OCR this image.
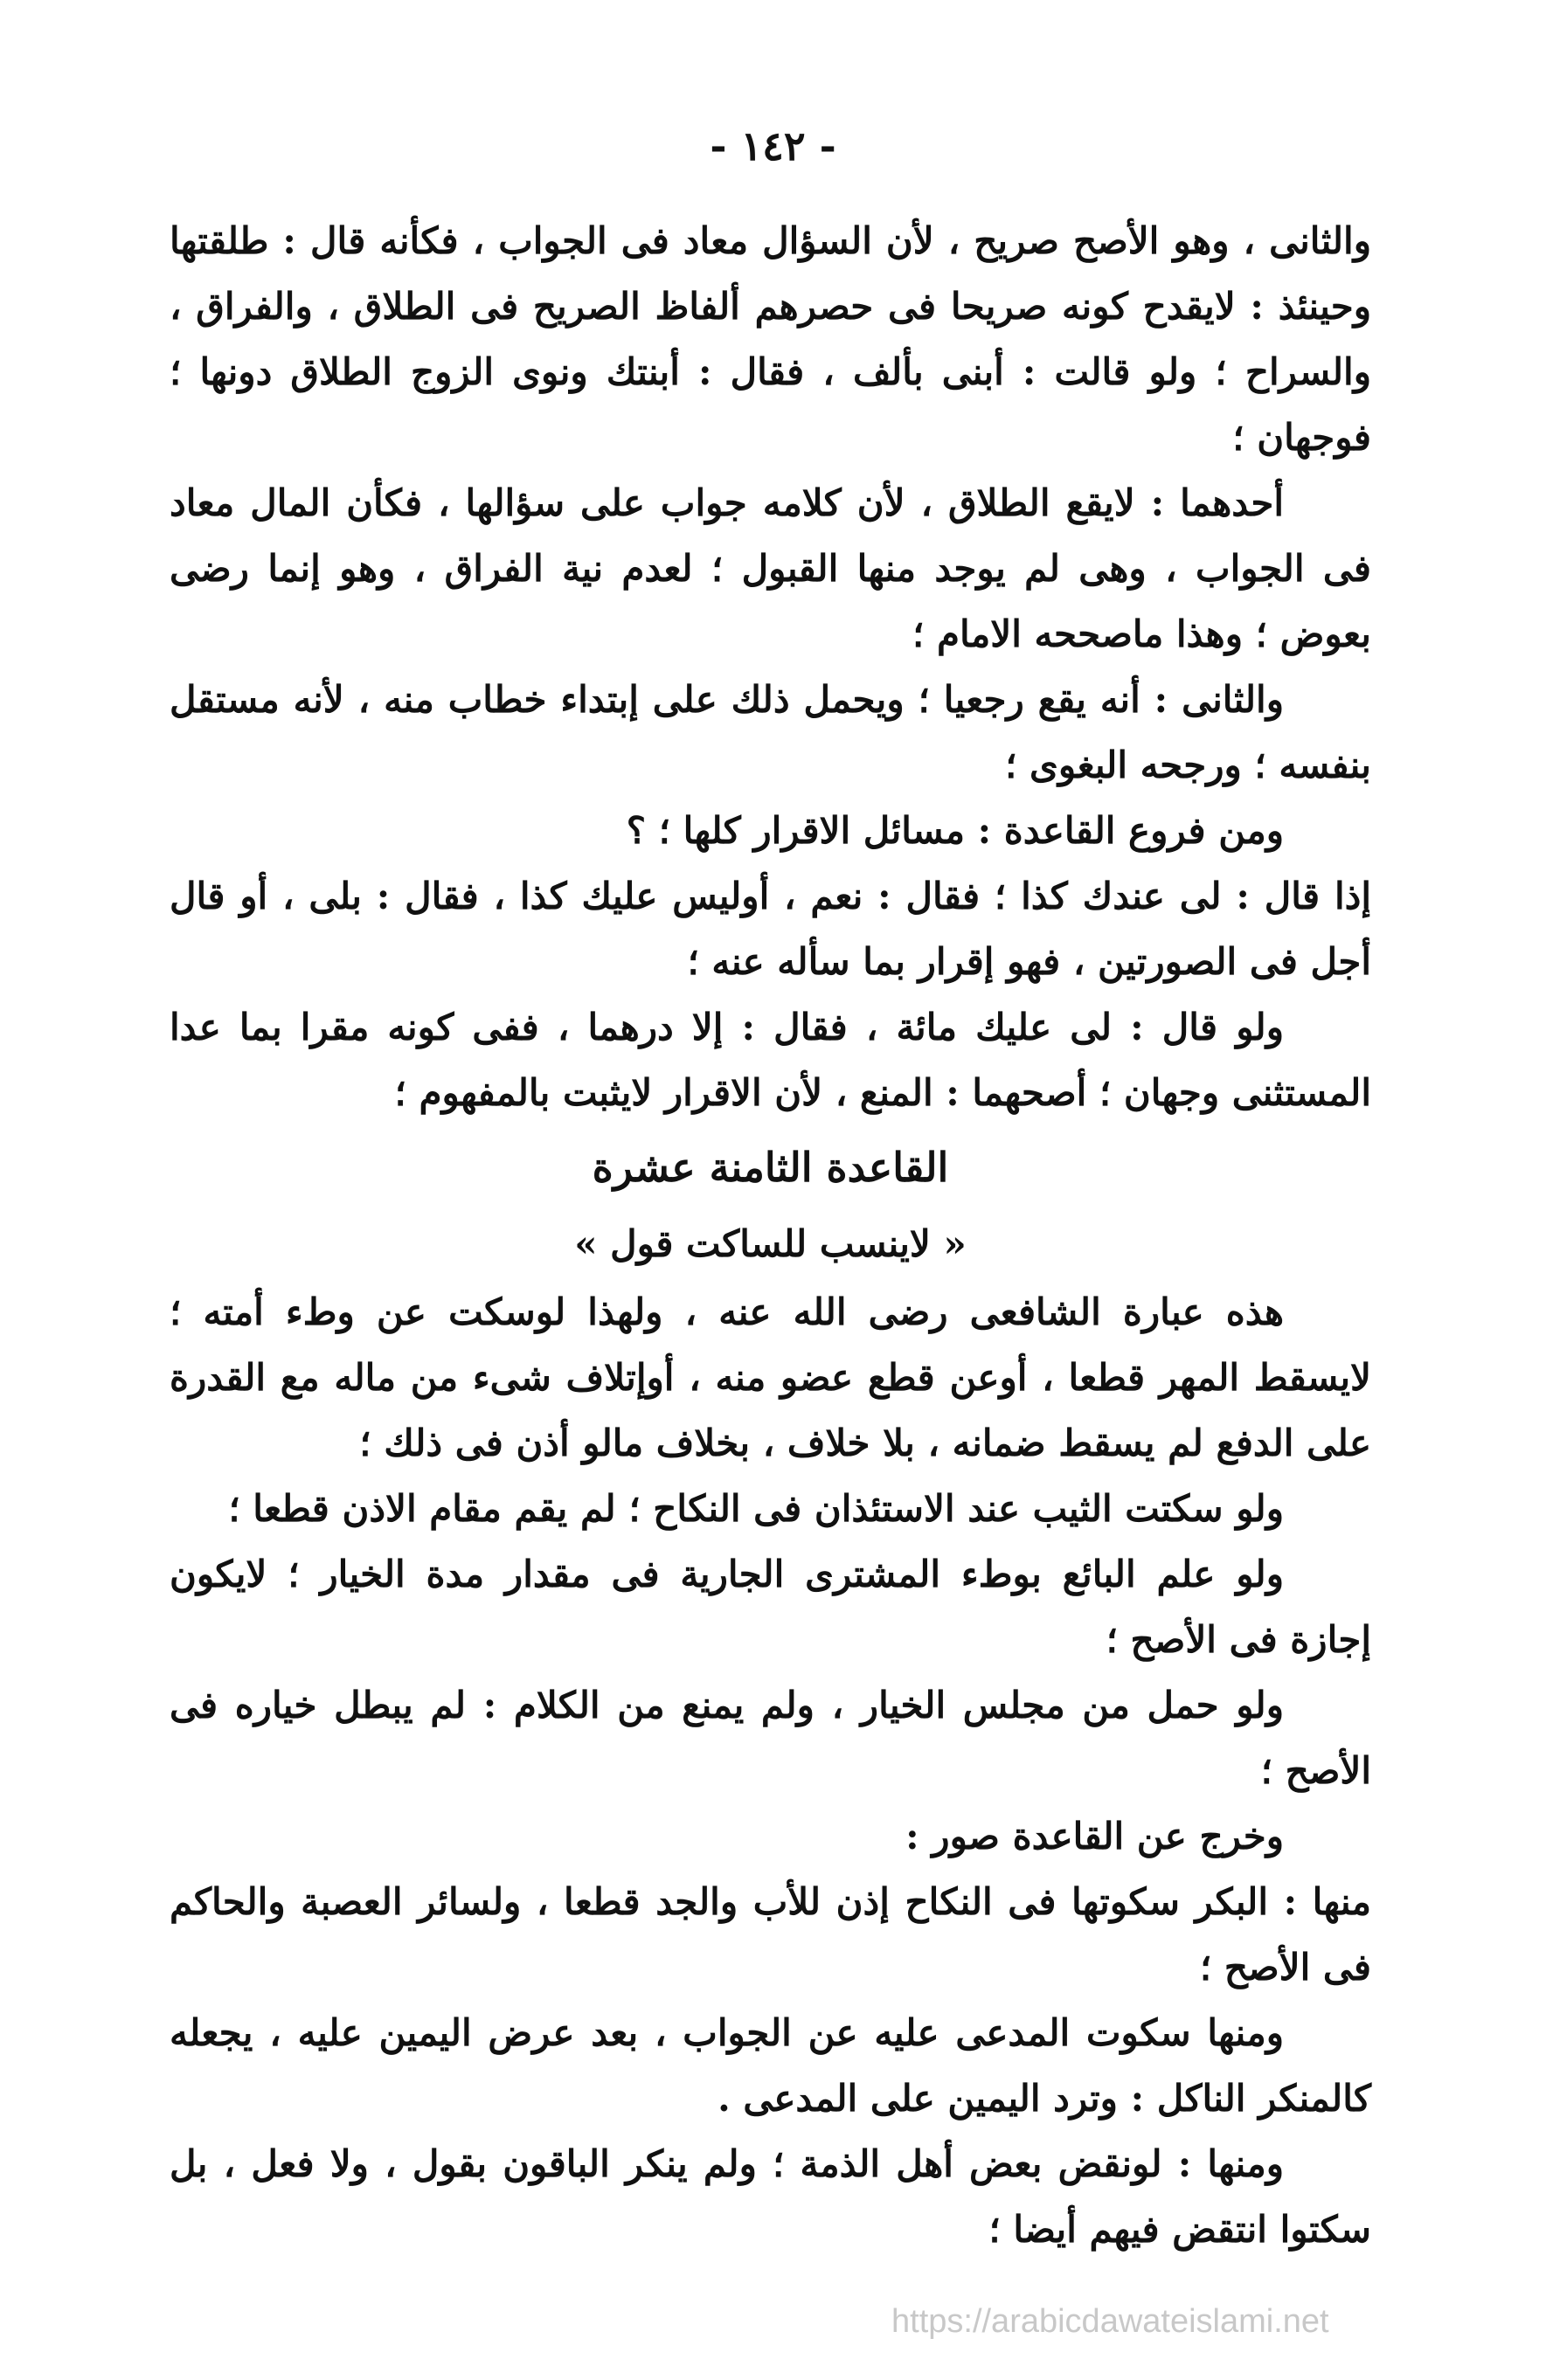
- ١٤٢ -

والثانى ، وهو الأصح صريح ، لأن السؤال معاد فى الجواب ، فكأنه قال : طلقتها وحينئذ : لايقدح كونه صريحا فى حصرهم ألفاظ الصريح فى الطلاق ، والفراق ، والسراح ؛ ولو قالت : أبنى بألف ، فقال : أبنتك ونوى الزوج الطلاق دونها ؛ فوجهان ؛

أحدهما : لايقع الطلاق ، لأن كلامه جواب على سؤالها ، فكأن المال معاد فى الجواب ، وهى لم يوجد منها القبول ؛ لعدم نية الفراق ، وهو إنما رضى بعوض ؛ وهذا ماصححه الامام ؛

والثانى : أنه يقع رجعيا ؛ ويحمل ذلك على إبتداء خطاب منه ، لأنه مستقل بنفسه ؛ ورجحه البغوى ؛

ومن فروع القاعدة : مسائل الاقرار كلها ؛ ؟

إذا قال : لى عندك كذا ؛ فقال : نعم ، أوليس عليك كذا ، فقال : بلى ، أو قال أجل فى الصورتين ، فهو إقرار بما سأله عنه ؛

ولو قال : لى عليك مائة ، فقال : إلا درهما ، ففى كونه مقرا بما عدا المستثنى وجهان ؛ أصحهما : المنع ، لأن الاقرار لايثبت بالمفهوم ؛

القاعدة الثامنة عشرة
« لاينسب للساكت قول »

هذه عبارة الشافعى رضى الله عنه ، ولهذا لوسكت عن وطء أمته ؛ لايسقط المهر قطعا ، أوعن قطع عضو منه ، أوإتلاف شىء من ماله مع القدرة على الدفع لم يسقط ضمانه ، بلا خلاف ، بخلاف مالو أذن فى ذلك ؛

ولو سكتت الثيب عند الاستئذان فى النكاح ؛ لم يقم مقام الاذن قطعا ؛

ولو علم البائع بوطء المشترى الجارية فى مقدار مدة الخيار ؛ لايكون إجازة فى الأصح ؛

ولو حمل من مجلس الخيار ، ولم يمنع من الكلام : لم يبطل خياره فى الأصح ؛

وخرج عن القاعدة صور :

منها : البكر سكوتها فى النكاح إذن للأب والجد قطعا ، ولسائر العصبة والحاكم فى الأصح ؛

ومنها سكوت المدعى عليه عن الجواب ، بعد عرض اليمين عليه ، يجعله كالمنكر الناكل : وترد اليمين على المدعى .

ومنها : لونقض بعض أهل الذمة ؛ ولم ينكر الباقون بقول ، ولا فعل ، بل سكتوا انتقض فيهم أيضا ؛

https://arabicdawateislami.net
